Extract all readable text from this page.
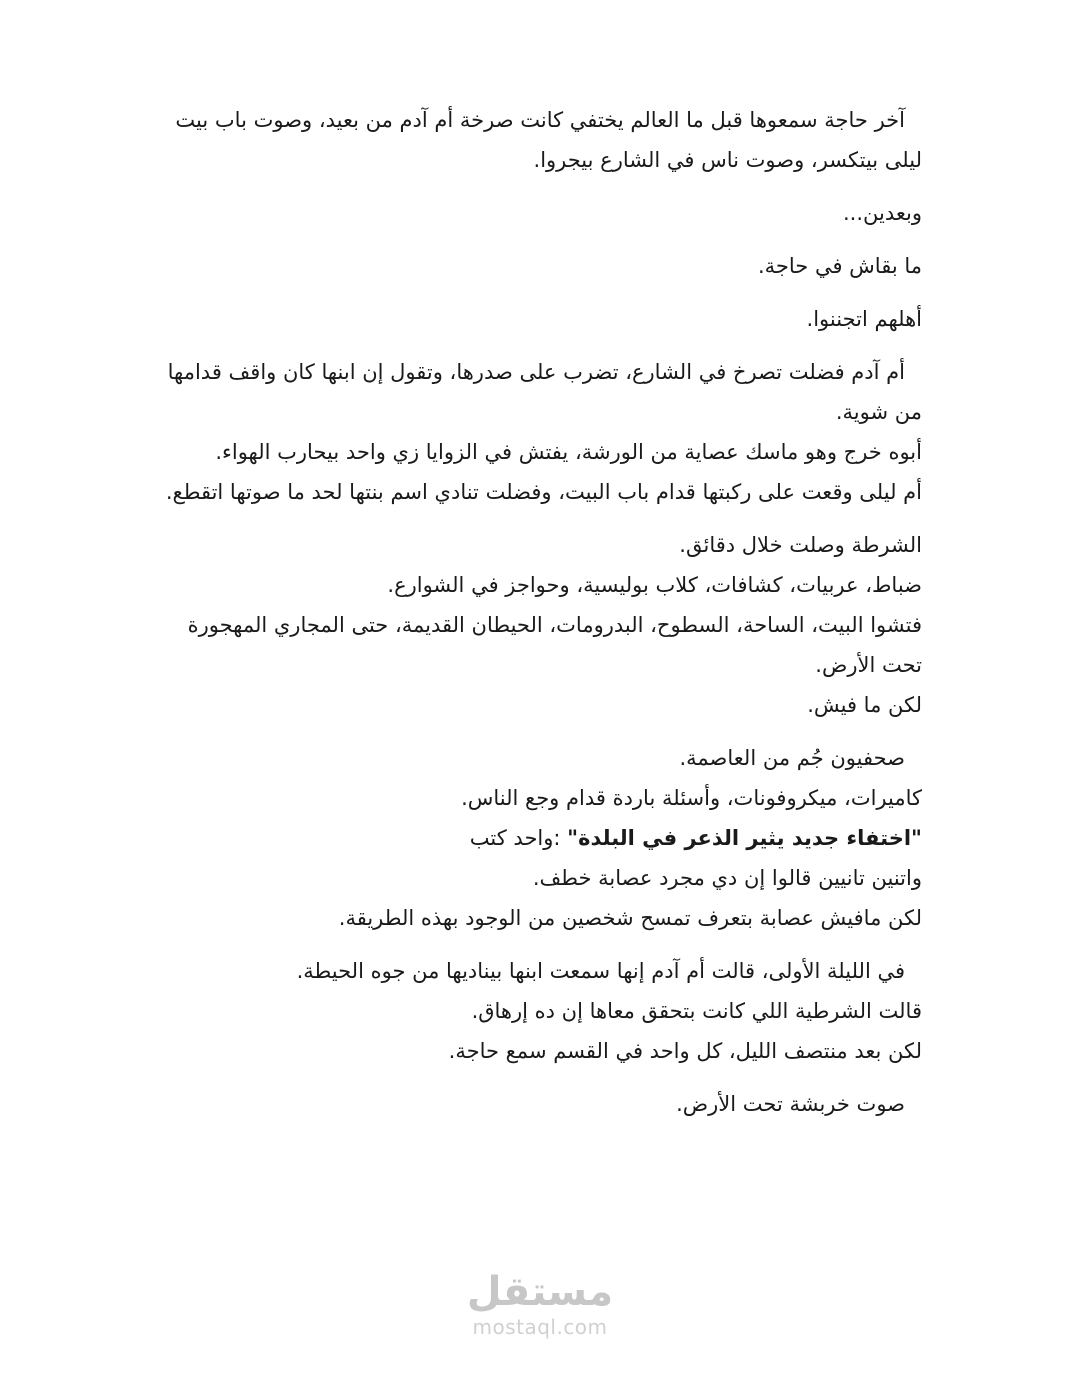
آخر حاجة سمعوها قبل ما العالم يختفي كانت صرخة أم آدم من بعيد، وصوت باب بيت ليلى بيتكسر، وصوت ناس في الشارع بيجروا.
وبعدين...
ما بقاش في حاجة.
أهلهم اتجننوا.
أم آدم فضلت تصرخ في الشارع، تضرب على صدرها، وتقول إن ابنها كان واقف قدامها من شوية.
أبوه خرج وهو ماسك عصاية من الورشة، يفتش في الزوايا زي واحد بيحارب الهواء.
أم ليلى وقعت على ركبتها قدام باب البيت، وفضلت تنادي اسم بنتها لحد ما صوتها اتقطع.
الشرطة وصلت خلال دقائق.
ضباط، عربيات، كشافات، كلاب بوليسية، وحواجز في الشوارع.
فتشوا البيت، الساحة، السطوح، البدرومات، الحيطان القديمة، حتى المجاري المهجورة تحت الأرض.
لكن ما فيش.
صحفيون جُم من العاصمة.
كاميرات، ميكروفونات، وأسئلة باردة قدام وجع الناس.
"اختفاء جديد يثير الذعر في البلدة" :واحد كتب
واتنين تانيين قالوا إن دي مجرد عصابة خطف.
لكن مافيش عصابة بتعرف تمسح شخصين من الوجود بهذه الطريقة.
في الليلة الأولى، قالت أم آدم إنها سمعت ابنها بيناديها من جوه الحيطة.
قالت الشرطية اللي كانت بتحقق معاها إن ده إرهاق.
لكن بعد منتصف الليل، كل واحد في القسم سمع حاجة.
صوت خربشة تحت الأرض.
مستقل
mostaql.com
